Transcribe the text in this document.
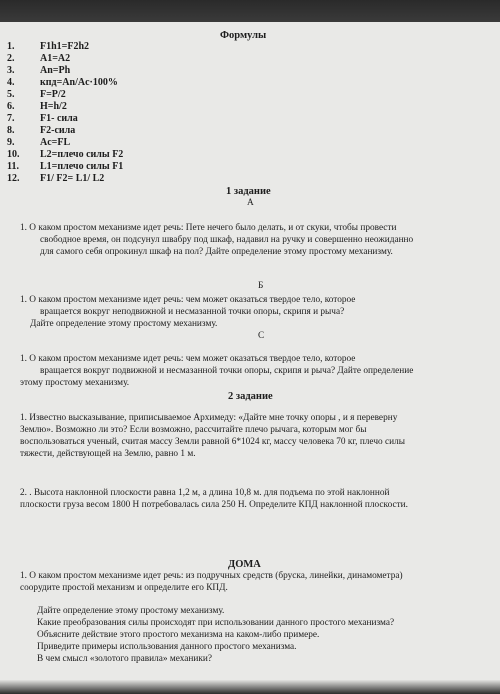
Формулы
1.	F1h1=F2h2
2.	A1=A2
3.	An=Ph
4.	кпд=An/Ac·100%
5.	F=P/2
6.	H=h/2
7.	F1- сила
8.	F2-сила
9.	Ac=FL
10. L2=плечо силы F2
11. L1=плечо силы F1
12. F1/ F2= L1/ L2
1 задание
А
1. О каком простом механизме идет речь: Пете нечего было делать, и от скуки, чтобы провести
свободное время, он подсунул швабру под шкаф, надавил на ручку и совершенно неожиданно
для самого себя опрокинул шкаф на пол? Дайте определение этому простому механизму.
Б
1. О каком простом механизме идет речь: чем может оказаться твердое тело, которое
вращается вокруг неподвижной и несмазанной точки опоры, скрипя и рыча?
Дайте определение этому простому механизму.
С
1. О каком простом механизме идет речь: чем может оказаться твердое тело, которое
вращается вокруг подвижной и несмазанной точки опоры, скрипя и рыча? Дайте определение
этому простому механизму.
2 задание
1. Известно высказывание, приписываемое Архимеду: «Дайте мне точку опоры , и я переверну
Землю». Возможно ли это? Если возможно, рассчитайте плечо рычага, которым мог бы
воспользоваться ученый, считая массу Земли равной 6*1024 кг, массу человека 70 кг, плечо силы
тяжести, действующей на Землю, равно 1 м.
2. . Высота наклонной плоскости равна 1,2 м, а длина 10,8 м. для подъема по этой наклонной
плоскости груза весом 1800 Н потребовалась сила 250 Н. Определите КПД наклонной плоскости.
ДОМА
1. О каком простом механизме идет речь: из подручных средств (бруска, линейки, динамометра)
соорудите простой механизм и определите его КПД.
Дайте определение этому простому механизму.
Какие преобразования силы происходят при использовании данного простого механизма?
Объясните действие этого простого механизма на каком-либо примере.
Приведите примеры использования данного простого механизма.
В чем смысл «золотого правила» механики?
